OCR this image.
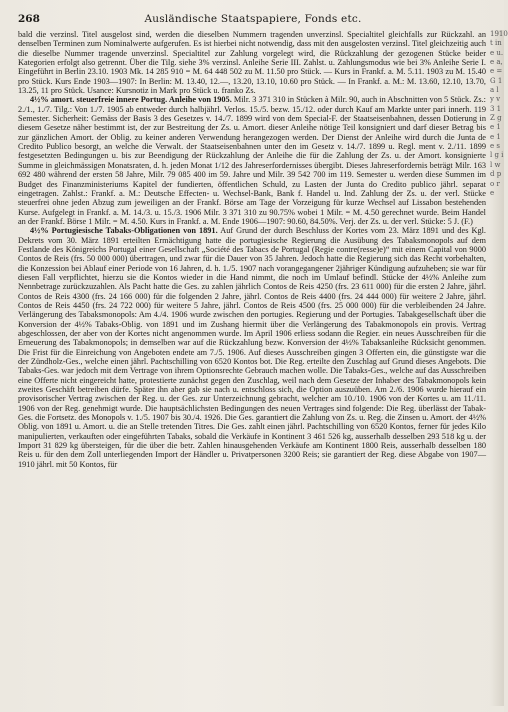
268	Ausländische Staatspapiere, Fonds etc.

bald die verzinsl. Titel ausgelost sind, werden die dieselben Nummern tragenden unverzinsl. Specialtitel gleichfalls zur Rückzahl. an denselben Terminen zum Nominalwerte aufgerufen. Es ist hierbei nicht notwendig, dass mit den ausgelosten verzinsl. Titel gleichzeitig auch die dieselbe Nummer tragende unverzinsl. Specialtitel zur Zahlung vorgelegt wird, die Rückzahlung der gezogenen Stücke beider Kategorien erfolgt also getrennt. Über die Tilg. siehe 3% verzinsl. Anleihe Serie III. Zahlst. u. Zahlungsmodus wie bei 3% Anleihe Serie I. Eingeführt in Berlin 23.10. 1903 Mk. 14 285 910 = M. 64 448 502 zu M. 11.50 pro Stück. — Kurs in Frankf. a. M. 5.11. 1903 zu M. 15.40 pro Stück. Kurs Ende 1903—1907: In Berlin: M. 13.40, 12.—, 13.20, 13.10, 10.60 pro Stück. — In Frankf. a. M.: M. 13.60, 12.10, 13.70, 13.25, 11 pro Stück. Usance: Kursnotiz in Mark pro Stück u. franko Zs.

4½% amort. steuerfreie innere Portug. Anleihe von 1905. Milr. 3 371 310 in Stücken à Milr. 90, auch in Abschnitten von 5 Stück. Zs.: 2./1., 1./7. Tilg.: Von 1./7. 1905 ab entweder durch halbjährl. Verlos. 15./5. bezw. 15./12. oder durch Kauf am Markte unter pari innerh. 119 Semester. Sicherheit: Gemäss der Basis 3 des Gesetzes v. 14./7. 1899 wird von dem Special-F. der Staatseisenbahnen, dessen Dotierung in diesem Gesetze näher bestimmt ist, der zur Bestreitung der Zs. u. Amort. dieser Anleihe nötige Teil konsigniert und darf dieser Betrag bis zur gänzlichen Amort. der Oblig. zu keiner anderen Verwendung herangezogen werden. Der Dienst der Anleihe wird durch die Junta de Credito Publico besorgt, an welche die Verwalt. der Staatseisenbahnen unter den im Gesetz v. 14./7. 1899 u. Regl. ment v. 2./11. 1899 festgesetzten Bedingungen u. bis zur Beendigung der Rückzahlung der Anleihe die für die Zahlung der Zs. u. der Amort. konsignierte Summe in gleichmässigen Monatsraten, d. h. jeden Monat 1/12 des Jahreserfordernisses übergibt. Dieses Jahreserfordernis beträgt Milr. 163 692 480 während der ersten 58 Jahre, Milr. 79 085 400 im 59. Jahre und Milr. 39 542 700 im 119. Semester u. werden diese Summen im Budget des Finanzministeriums Kapitel der fundierten, öffentlichen Schuld, zu Lasten der Junta do Credito publico jährl. separat eingetragen. Zahlst.: Frankf. a. M.: Deutsche Effecten- u. Wechsel-Bank, Bank f. Handel u. Ind. Zahlung der Zs. u. der verl. Stücke steuerfrei ohne jeden Abzug zum jeweiligen an der Frankf. Börse am Tage der Vorzeigung für kurze Wechsel auf Lissabon bestehenden Kurse. Aufgelegt in Frankf. a. M. 14./3. u. 15./3. 1906 Milr. 3 371 310 zu 90.75% wobei 1 Milr. = M. 4.50 gerechnet wurde. Beim Handel an der Frankf. Börse 1 Milr. = M. 4.50. Kurs in Frankf. a. M. Ende 1906—1907: 90.60, 84.50%. Verj. der Zs. u. der verl. Stücke: 5 J. (F.)

4½% Portugiesische Tabaks-Obligationen von 1891. Auf Grund der durch Beschluss der Kortes vom 23. März 1891 und des Kgl. Dekrets vom 30. März 1891 erteilten Ermächtigung hatte die portugiesische Regierung die Ausübung des Tabaksmonopols auf dem Festlande des Königreichs Portugal einer Gesellschaft „Société des Tabacs de Portugal (Regie contre(resse)e)“ mit einem Capital von 9000 Contos de Reis (frs. 50 000 000) übertragen, und zwar für die Dauer von 35 Jahren. Jedoch hatte die Regierung sich das Recht vorbehalten, die Konzession bei Ablauf einer Periode von 16 Jahren, d. h. 1./5. 1907 nach vorangegangener 2jähriger Kündigung aufzuheben; sie war für diesen Fall verpflichtet, hierzu sie die Kontos wieder in die Hand nimmt, die noch im Umlauf befindl. Stücke der 4½% Anleihe zum Nennbetrage zurückzuzahlen. Als Pacht hatte die Ges. zu zahlen jährlich Contos de Reis 4250 (frs. 23 611 000) für die ersten 2 Jahre, jährl. Contos de Reis 4300 (frs. 24 166 000) für die folgenden 2 Jahre, jährl. Contos de Reis 4400 (frs. 24 444 000) für weitere 2 Jahre, jährl. Contos de Reis 4450 (frs. 24 722 000) für weitere 5 Jahre, jährl. Contos de Reis 4500 (frs. 25 000 000) für die verbleibenden 24 Jahre. Verlängerung des Tabaksmonopols: Am 4./4. 1906 wurde zwischen den portugies. Regierung und der Portugies. Tabakgesellschaft über die Konversion der 4½% Tabaks-Oblig. von 1891 und im Zushang hiermit über die Verlängerung des Tabakmonopols ein provis. Vertrag abgeschlossen, der aber von der Kortes nicht angenommen wurde. Im April 1906 erliess sodann die Regier. ein neues Ausschreiben für die Erneuerung des Tabakmonopols; in demselben war auf die Rückzahlung bezw. Konversion der 4½% Tabaksanleihe Rücksicht genommen. Die Frist für die Einreichung von Angeboten endete am 7./5. 1906. Auf dieses Ausschreiben gingen 3 Offerten ein, die günstigste war die der Zündholz-Ges., welche einen jährl. Pachtschilling von 6520 Kontos bot. Die Reg. erteilte den Zuschlag auf Grund dieses Angebots. Die Tabaks-Ges. war jedoch mit dem Vertrage von ihrem Optionsrechte Gebrauch machen wolle. Die Tabaks-Ges., welche auf das Ausschreiben eine Offerte nicht eingereicht hatte, protestierte zunächst gegen den Zuschlag, weil nach dem Gesetze der Inhaber des Tabakmonopols kein zweites Geschäft betreiben dürfe. Später ihn aber gab sie nach u. entschloss sich, die Option auszuüben. Am 2./6. 1906 wurde hierauf ein provisorischer Vertrag zwischen der Reg. u. der Ges. zur Unterzeichnung gebracht, welcher am 10./10. 1906 von der Kortes u. am 11./11. 1906 von der Reg. genehmigt wurde. Die hauptsächlichsten Bedingungen des neuen Vertrages sind folgende: Die Reg. überlässt der Tabak-Ges. die Fortsetz. des Monopols v. 1./5. 1907 bis 30./4. 1926. Die Ges. garantiert die Zahlung von Zs. u. Reg. die Zinsen u. Amort. der 4½% Oblig. von 1891 u. Amort. u. die an Stelle tretenden Titres. Die Ges. zahlt einen jährl. Pachtschilling von 6520 Kontos, ferner für jedes Kilo manipulierten, verkauften oder eingeführten Tabaks, sobald die Verkäufe in Kontinent 3 461 526 kg, ausserhalb desselben 293 518 kg u. der Import 31 829 kg übersteigen, für die über die betr. Zahlen hinausgehenden Verkäufe am Kontinent 1800 Reis, ausserhalb desselben 180 Reis u. für den dem Zoll unterliegenden Import der Händler u. Privatpersonen 3200 Reis; sie garantiert der Reg. diese Abgabe von 1907—1910 jährl. mit 50 Kontos, für

1910 t in e u. e a, e = G 1 a l y v 3 1 Z g e 1 e 1 e s l g i l w d p o r e
